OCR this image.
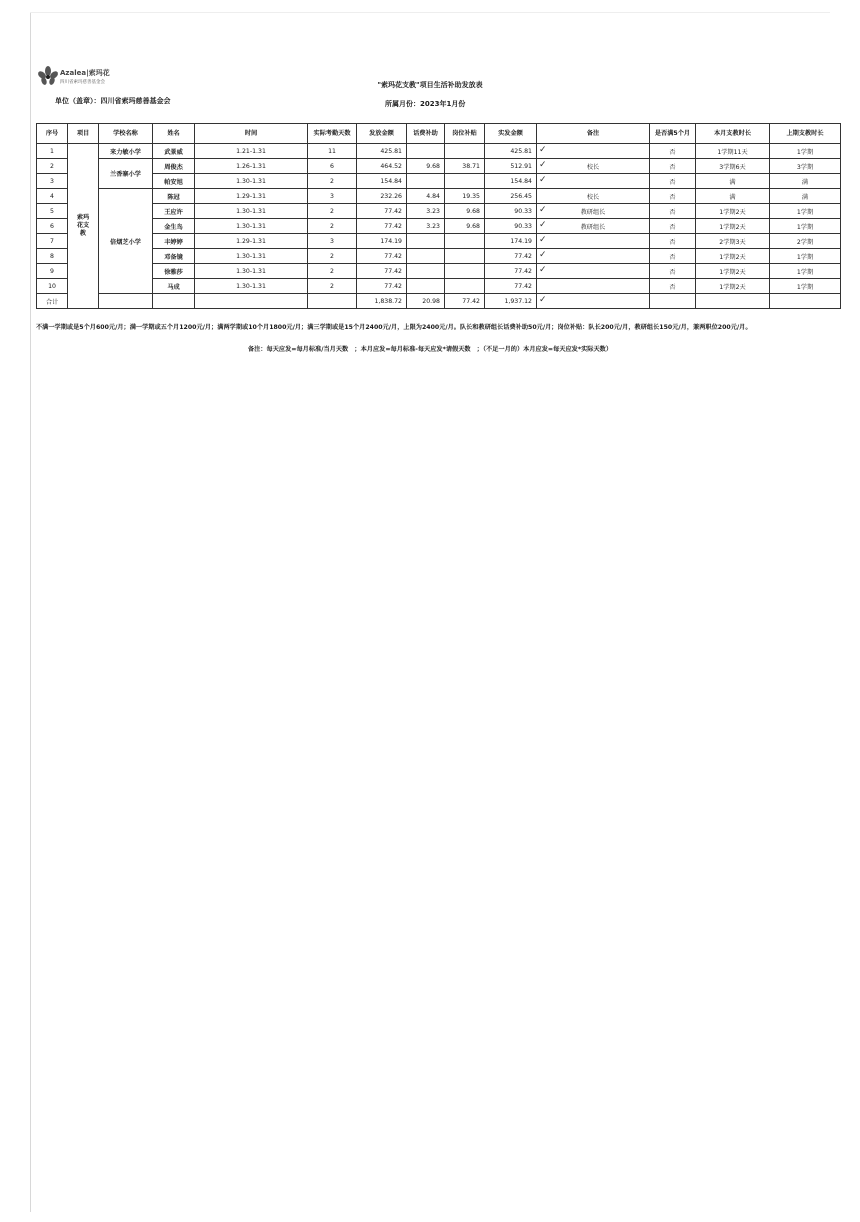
Azalea|索玛花
四川省索玛慈善基金会	"索玛花支教"项目生活补助发放表
单位（盖章）：四川省索玛慈善基金会	所属月份：2023年1月份
序号	项目	学校名称	姓名	时间	实际考勤天数	发放金额	话费补助	岗位补贴	实发金额	备注	是否满5个月	本月支教时长	上期支教时长
1	索玛花支教	来力敏小学	武景威	1.21-1.31	11	425.81			425.81	✓	否	1学期11天	1学期
2		兰香寨小学	周俊杰	1.26-1.31	6	464.52	9.68	38.71	512.91	✓ 校长	否	3学期6天	3学期
3			帕安旭	1.30-1.31	2	154.84			154.84	✓	否	满	满
4		倍烟芝小学	陈冠	1.29-1.31	3	232.26	4.84	19.35	256.45	校长	否	满	满
5			王应许	1.30-1.31	2	77.42	3.23	9.68	90.33	✓ 教研组长	否	1学期2天	1学期
6			金生鸟	1.30-1.31	2	77.42	3.23	9.68	90.33	✓ 教研组长	否	1学期2天	1学期
7			丰婷婷	1.29-1.31	3	174.19			174.19	✓	否	2学期3天	2学期
8			邓备镜	1.30-1.31	2	77.42			77.42	✓	否	1学期2天	1学期
9			徐雅莎	1.30-1.31	2	77.42			77.42	✓	否	1学期2天	1学期
10			马成	1.30-1.31	2	77.42			77.42		否	1学期2天	1学期
合计						1,838.72	20.98	77.42	1,937.12	✓			

不满一学期或是5个月600元/月；满一学期或五个月1200元/月；满两学期或10个月1800元/月；满三学期或是15个月2400元/月，上限为2400元/月。队长和教研组长话费补助50元/月；岗位补贴：队长200元/月，教研组长150元/月，兼两职位200元/月。
备注：每天应发=每月标准/当月天数　；本月应发=每月标准-每天应发*请假天数　；（不足一月的）本月应发=每天应发*实际天数）
